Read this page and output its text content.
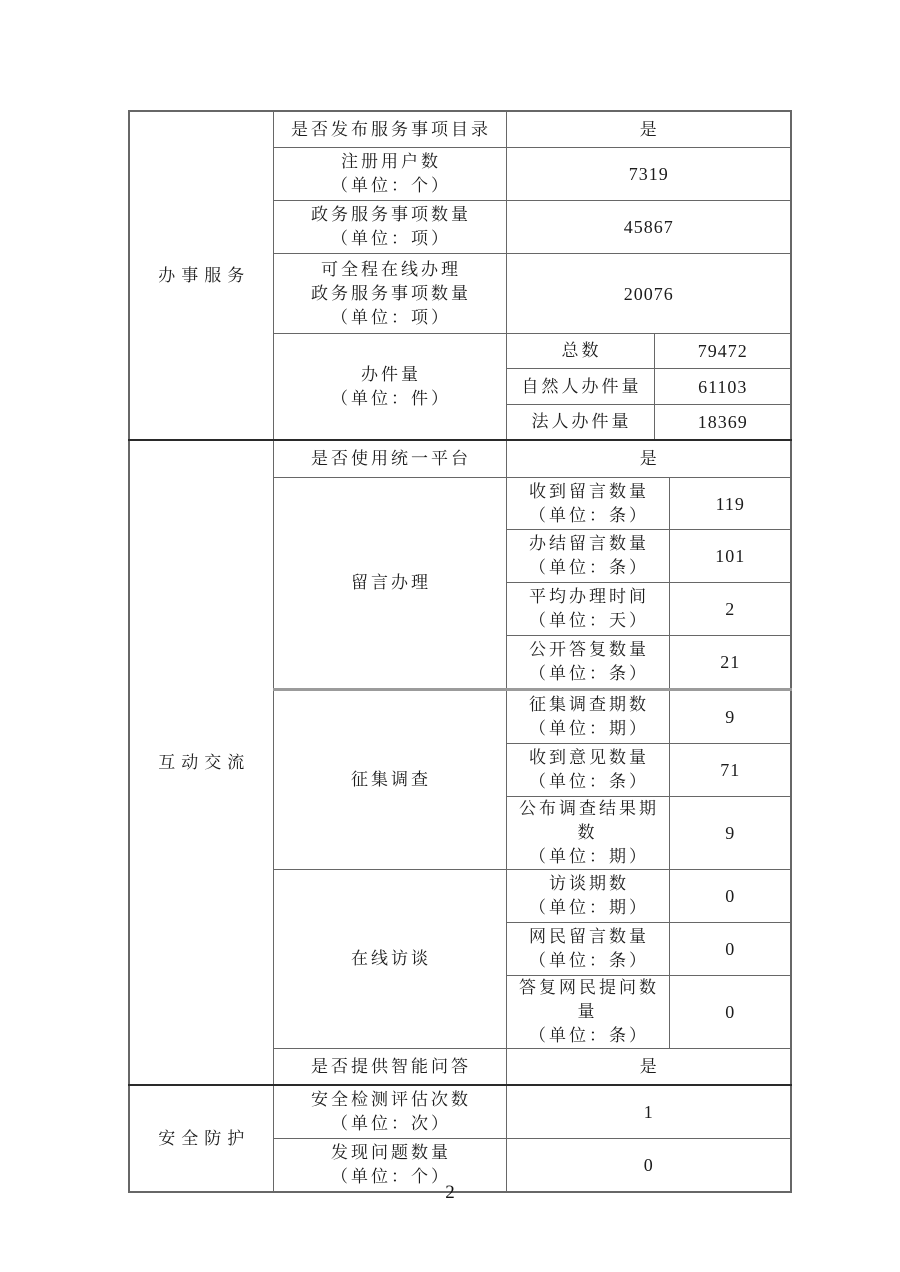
办事服务	是否发布服务事项目录	是		

	注册用户数
（单位：个）	7319		

	政务服务事项数量
（单位：项）	45867		

	可全程在线办理
政务服务事项数量
（单位：项）	20076		

	办件量
（单位：件）	总数	79472	
		自然人办件量	61103	
		法人办件量	18369	
互动交流	是否使用统一平台	是		
	留言办理	收到留言数量
（单位：条）		119

		办结留言数量
（单位：条）		101

		平均办理时间
（单位：天）		2

		公开答复数量
（单位：条）		21
	征集调查	征集调查期数
（单位：期）		9

		收到意见数量
（单位：条）		71

		公布调查结果期数
（单位：期）		9
	在线访谈	访谈期数
（单位：期）		0

		网民留言数量
（单位：条）		0

		答复网民提问数量
（单位：条）		0
	是否提供智能问答	是		
安全防护	安全检测评估次数
（单位：次）	1		

	发现问题数量
（单位：个）	0		
2
